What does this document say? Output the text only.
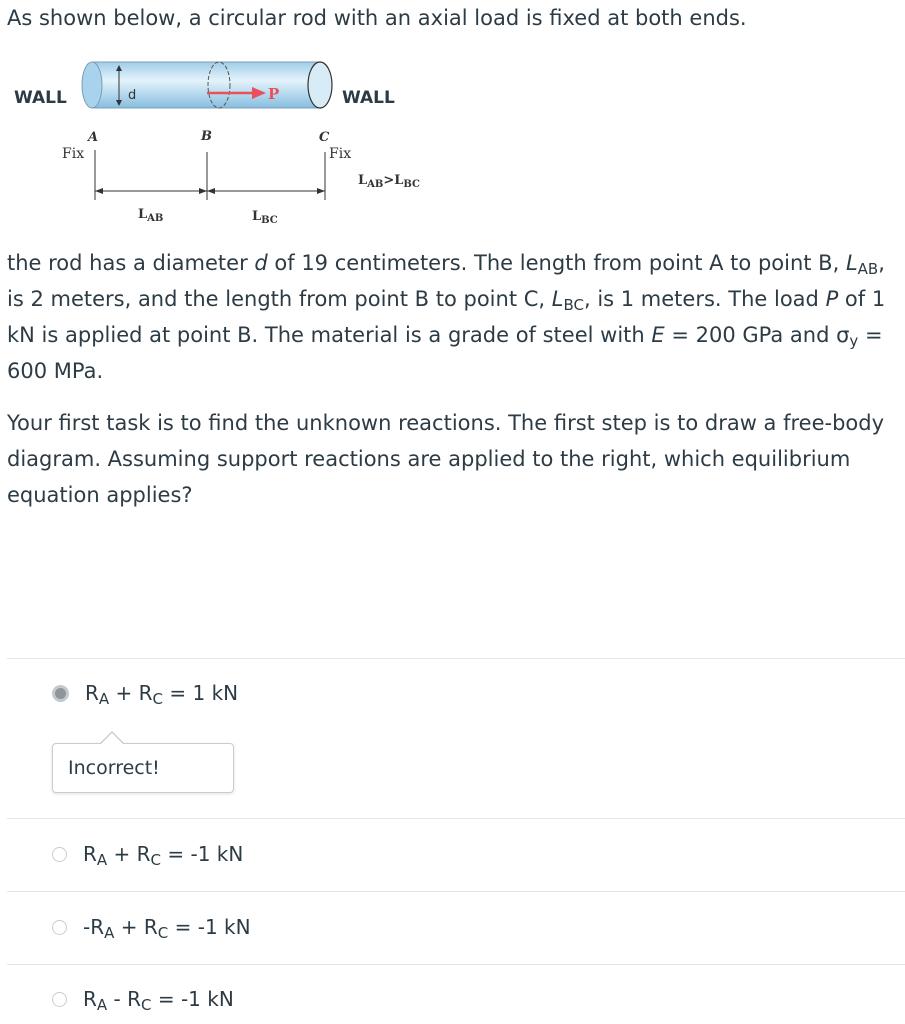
As shown below, a circular rod with an axial load is fixed at both ends.

WALL	WALL
d	P
A	B	C
Fix	Fix
$L_{AB}$	$L_{BC}$
$L_{AB}>L_{BC}$

the rod has a diameter d of 19 centimeters. The length from point A to point B, $L_{AB}$, is 2 meters, and the length from point B to point C, $L_{BC}$, is 1 meters. The load P of 1 kN is applied at point B. The material is a grade of steel with E = 200 GPa and $\sigma_y = 600$ MPa.

Your first task is to find the unknown reactions. The first step is to draw a free-body diagram. Assuming support reactions are applied to the right, which equilibrium equation applies?

$R_A + R_C = 1$ kN
Incorrect!
$R_A + R_C = -1$ kN
$-R_A + R_C = -1$ kN
$R_A - R_C = -1$ kN
